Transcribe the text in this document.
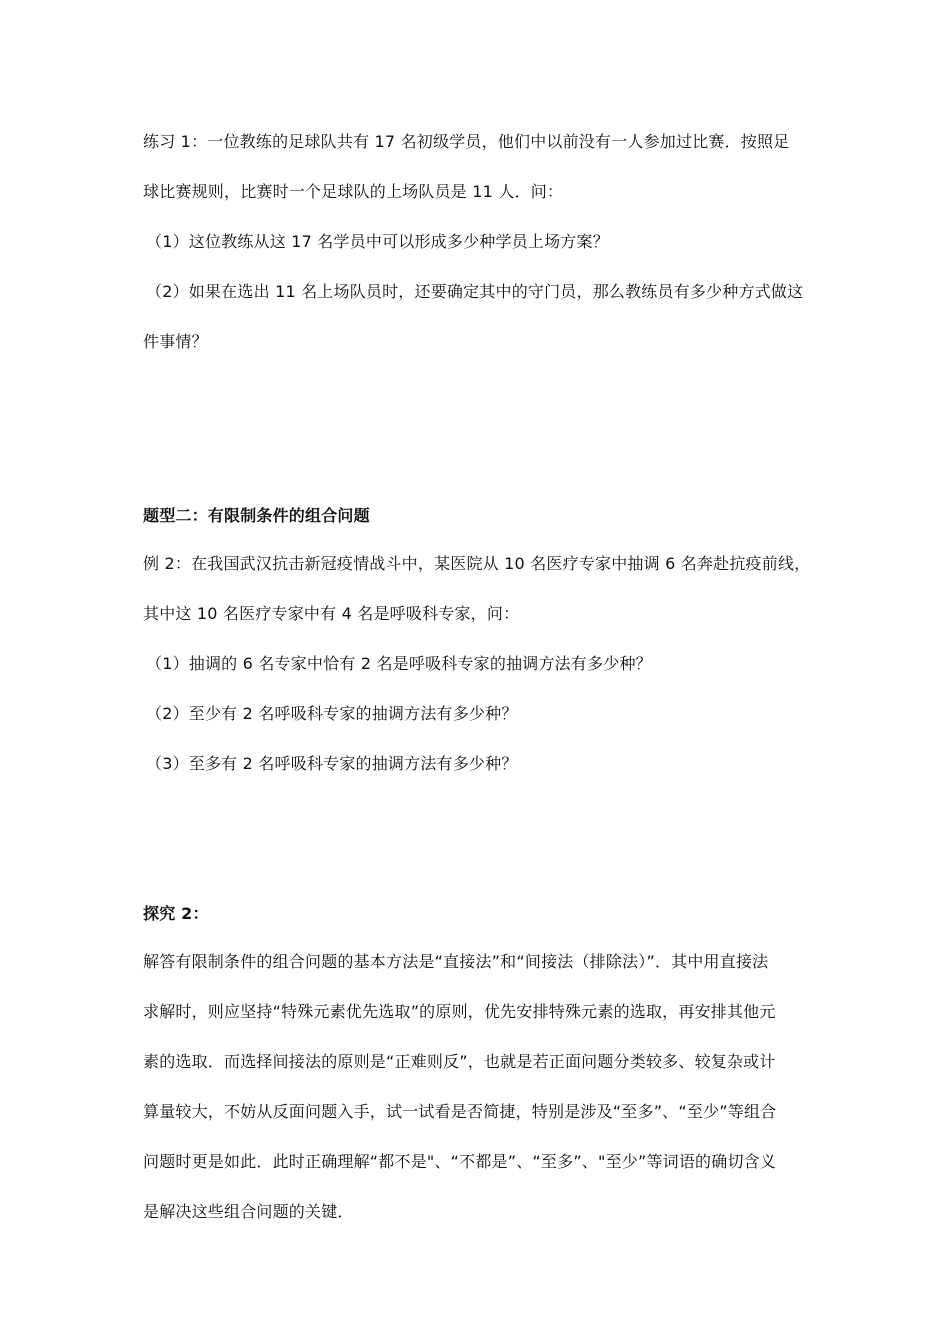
练习 1：一位教练的足球队共有 17 名初级学员，他们中以前没有一人参加过比赛．按照足
球比赛规则，比赛时一个足球队的上场队员是 11 人．问：
（1）这位教练从这 17 名学员中可以形成多少种学员上场方案？
（2）如果在选出 11 名上场队员时，还要确定其中的守门员，那么教练员有多少种方式做这
件事情？
题型二：有限制条件的组合问题
例 2：在我国武汉抗击新冠疫情战斗中，某医院从 10 名医疗专家中抽调 6 名奔赴抗疫前线，
其中这 10 名医疗专家中有 4 名是呼吸科专家，问：
（1）抽调的 6 名专家中恰有 2 名是呼吸科专家的抽调方法有多少种？
（2）至少有 2 名呼吸科专家的抽调方法有多少种？
（3）至多有 2 名呼吸科专家的抽调方法有多少种？
探究 2：
解答有限制条件的组合问题的基本方法是“直接法”和“间接法（排除法）”．其中用直接法
求解时，则应坚持“特殊元素优先选取”的原则，优先安排特殊元素的选取，再安排其他元
素的选取．而选择间接法的原则是“正难则反”，也就是若正面问题分类较多、较复杂或计
算量较大，不妨从反面问题入手，试一试看是否简捷，特别是涉及“至多”、“至少”等组合
问题时更是如此．此时正确理解“都不是"、“不都是”、“至多”、"至少”等词语的确切含义
是解决这些组合问题的关键．
